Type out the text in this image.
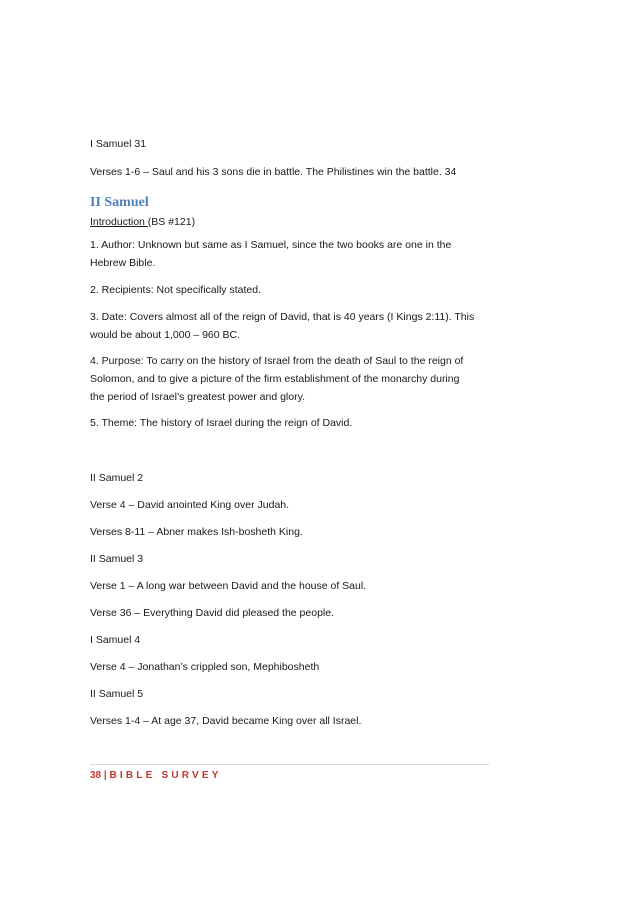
I Samuel 31

Verses 1-6 – Saul and his 3 sons die in battle. The Philistines win the battle. 34

II Samuel
Introduction (BS #121)

1. Author: Unknown but same as I Samuel, since the two books are one in the
Hebrew Bible.

2. Recipients: Not specifically stated.

3. Date: Covers almost all of the reign of David, that is 40 years (I Kings 2:11). This
would be about 1,000 – 960 BC.

4. Purpose: To carry on the history of Israel from the death of Saul to the reign of
Solomon, and to give a picture of the firm establishment of the monarchy during
the period of Israel’s greatest power and glory.

5. Theme: The history of Israel during the reign of David.

II Samuel 2

Verse 4 – David anointed King over Judah.

Verses 8-11 – Abner makes Ish-bosheth King.

II Samuel 3

Verse 1 – A long war between David and the house of Saul.

Verse 36 – Everything David did pleased the people.

I Samuel 4

Verse 4 – Jonathan’s crippled son, Mephibosheth

II Samuel 5

Verses 1-4 – At age 37, David became King over all Israel.

38 | BIBLE SURVEY
